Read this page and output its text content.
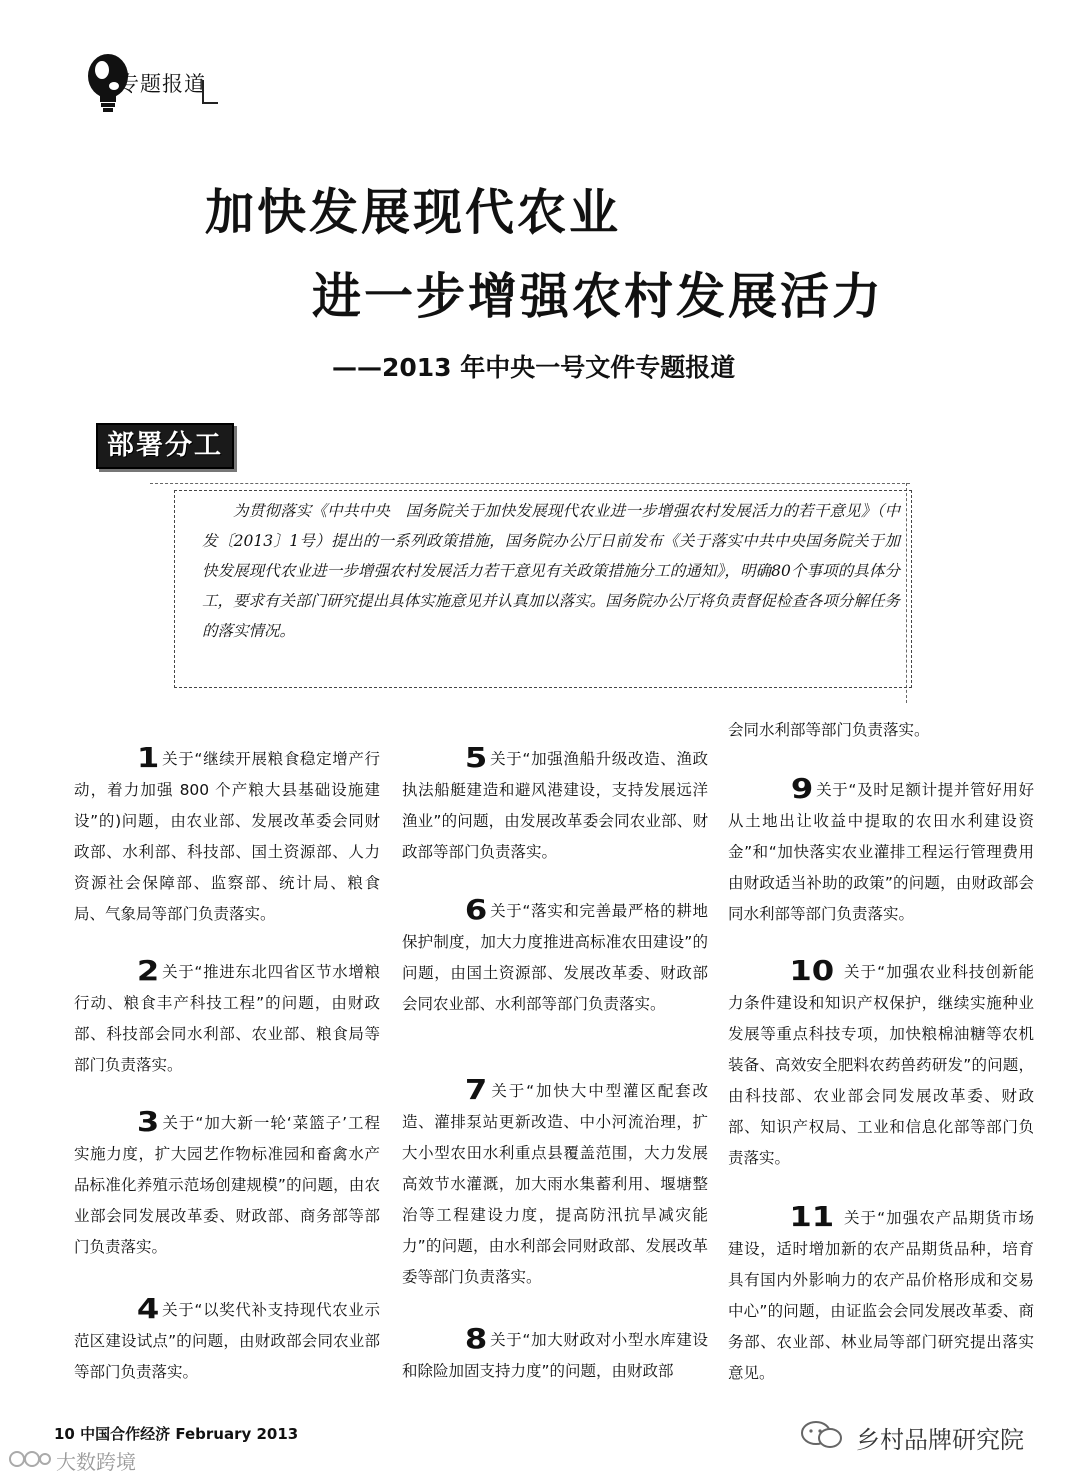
专题报道
加快发展现代农业
进一步增强农村发展活力
——2013 年中央一号文件专题报道
部署分工

为贯彻落实《中共中央　国务院关于加快发展现代农业进一步增强农村发展活力的若干意见》（中发〔2013〕1号）提出的一系列政策措施，国务院办公厅日前发布《关于落实中共中央国务院关于加快发展现代农业进一步增强农村发展活力若干意见有关政策措施分工的通知》，明确80个事项的具体分工，要求有关部门研究提出具体实施意见并认真加以落实。国务院办公厅将负责督促检查各项分解任务的落实情况。

1 关于“继续开展粮食稳定增产行动，着力加强 800 个产粮大县基础设施建设”的)问题，由农业部、发展改革委会同财政部、水利部、科技部、国土资源部、人力资源社会保障部、监察部、统计局、粮食局、气象局等部门负责落实。

2 关于“推进东北四省区节水增粮行动、粮食丰产科技工程”的问题，由财政部、科技部会同水利部、农业部、粮食局等部门负责落实。

3 关于“加大新一轮‘菜篮子’工程实施力度，扩大园艺作物标准园和畜禽水产品标准化养殖示范场创建规模”的问题，由农业部会同发展改革委、财政部、商务部等部门负责落实。

4 关于“以奖代补支持现代农业示范区建设试点”的问题，由财政部会同农业部等部门负责落实。

5 关于“加强渔船升级改造、渔政执法船艇建造和避风港建设，支持发展远洋渔业”的问题，由发展改革委会同农业部、财政部等部门负责落实。

6 关于“落实和完善最严格的耕地保护制度，加大力度推进高标准农田建设”的问题，由国土资源部、发展改革委、财政部会同农业部、水利部等部门负责落实。

7 关于“加快大中型灌区配套改造、灌排泵站更新改造、中小河流治理，扩大小型农田水利重点县覆盖范围，大力发展高效节水灌溉，加大雨水集蓄利用、堰塘整治等工程建设力度，提高防汛抗旱减灾能力”的问题，由水利部会同财政部、发展改革委等部门负责落实。

8 关于“加大财政对小型水库建设和除险加固支持力度”的问题，由财政部

会同水利部等部门负责落实。

9 关于“及时足额计提并管好用好从土地出让收益中提取的农田水利建设资金”和“加快落实农业灌排工程运行管理费用由财政适当补助的政策”的问题，由财政部会同水利部等部门负责落实。

10 关于“加强农业科技创新能力条件建设和知识产权保护，继续实施种业发展等重点科技专项，加快粮棉油糖等农机装备、高效安全肥料农药兽药研发”的问题，由科技部、农业部会同发展改革委、财政部、知识产权局、工业和信息化部等部门负责落实。

11 关于“加强农产品期货市场建设，适时增加新的农产品期货品种，培育具有国内外影响力的农产品价格形成和交易中心”的问题，由证监会会同发展改革委、商务部、农业部、林业局等部门研究提出落实意见。

10 中国合作经济 February 2013	乡村品牌研究院
大数跨境
